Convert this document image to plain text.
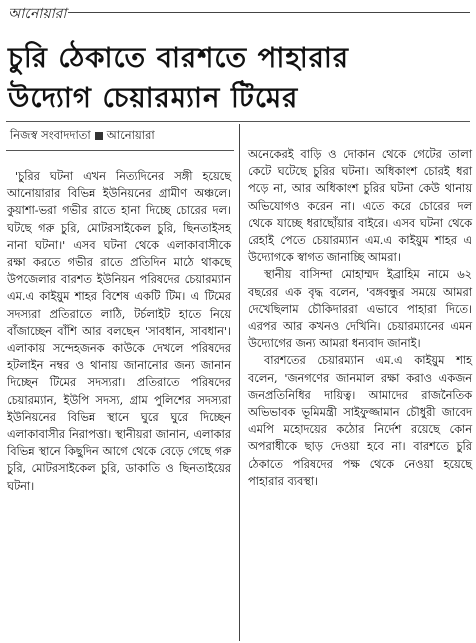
আনোয়ারা
চুরি ঠেকাতে বারশতে পাহারার
উদ্যোগ চেয়ারম্যান টিমের
নিজস্ব সংবাদদাতা আনোয়ারা

'চুরির ঘটনা এখন নিত্যদিনের সঙ্গী হয়েছে আনোয়ারার বিভিন্ন ইউনিয়নের গ্রামীণ অঞ্চলে। কুয়াশা-ভরা গভীর রাতে হানা দিচ্ছে চোরের দল। ঘটছে গরু চুরি, মোটরসাইকেল চুরি, ছিনতাইসহ নানা ঘটনা।' এসব ঘটনা থেকে এলাকাবাসীকে রক্ষা করতে গভীর রাতে প্রতিদিন মাঠে থাকছে উপজেলার বারশত ইউনিয়ন পরিষদের চেয়ারম্যান এম.এ কাইয়ুম শাহর বিশেষ একটি টিম। এ টিমের সদস্যরা প্রতিরাতে লাঠি, টর্চলাইট হাতে নিয়ে বাঁজাচ্ছেন বাঁশি আর বলছেন 'সাবধান, সাবধান'। এলাকায় সন্দেহজনক কাউকে দেখলে পরিষদের হটলাইন নম্বর ও থানায় জানানোর জন্য জানান দিচ্ছেন টিমের সদস্যরা। প্রতিরাতে পরিষদের চেয়ারম্যান, ইউপি সদস্য, গ্রাম পুলিশের সদস্যরা ইউনিয়নের বিভিন্ন স্থানে ঘুরে ঘুরে দিচ্ছেন এলাকাবাসীর নিরাপত্তা। স্থানীয়রা জানান, এলাকার বিভিন্ন স্থানে কিছুদিন আগে থেকে বেড়ে গেছে গরু চুরি, মোটরসাইকেল চুরি, ডাকাতি ও ছিনতাইয়ের ঘটনা।

অনেকেরই বাড়ি ও দোকান থেকে গেটের তালা কেটে ঘটেছে চুরির ঘটনা। অধিকাংশ চোরই ধরা পড়ে না, আর অধিকাংশ চুরির ঘটনা কেউ থানায় অভিযোগও করেন না। এতে করে চোরের দল থেকে যাচ্ছে ধরাছোঁয়ার বাইরে। এসব ঘটনা থেকে রেহাই পেতে চেয়ারম্যান এম.এ কাইয়ুম শাহর এ উদ্যোগকে স্বাগত জানাচ্ছি আমরা।

স্থানীয় বাসিন্দা মোহাম্মদ ইব্রাহিম নামে ৬২ বছরের এক বৃদ্ধ বলেন, 'বঙ্গবন্ধুর সময়ে আমরা দেখেছিলাম চৌকিদাররা এভাবে পাহারা দিতে। এরপর আর কখনও দেখিনি। চেয়ারম্যানের এমন উদ্যোগের জন্য আমরা ধন্যবাদ জানাই।

বারশতের চেয়ারম্যান এম.এ কাইয়ুম শাহ বলেন, 'জনগণের জানমাল রক্ষা করাও একজন জনপ্রতিনিধির দায়িত্ব। আমাদের রাজনৈতিক অভিভাবক ভূমিমন্ত্রী সাইফুজ্জামান চৌধুরী জাবেদ এমপি মহোদয়ের কঠোর নির্দেশ রয়েছে কোন অপরাধীকে ছাড় দেওয়া হবে না। বারশতে চুরি ঠেকাতে পরিষদের পক্ষ থেকে নেওয়া হয়েছে পাহারার ব্যবস্থা।
